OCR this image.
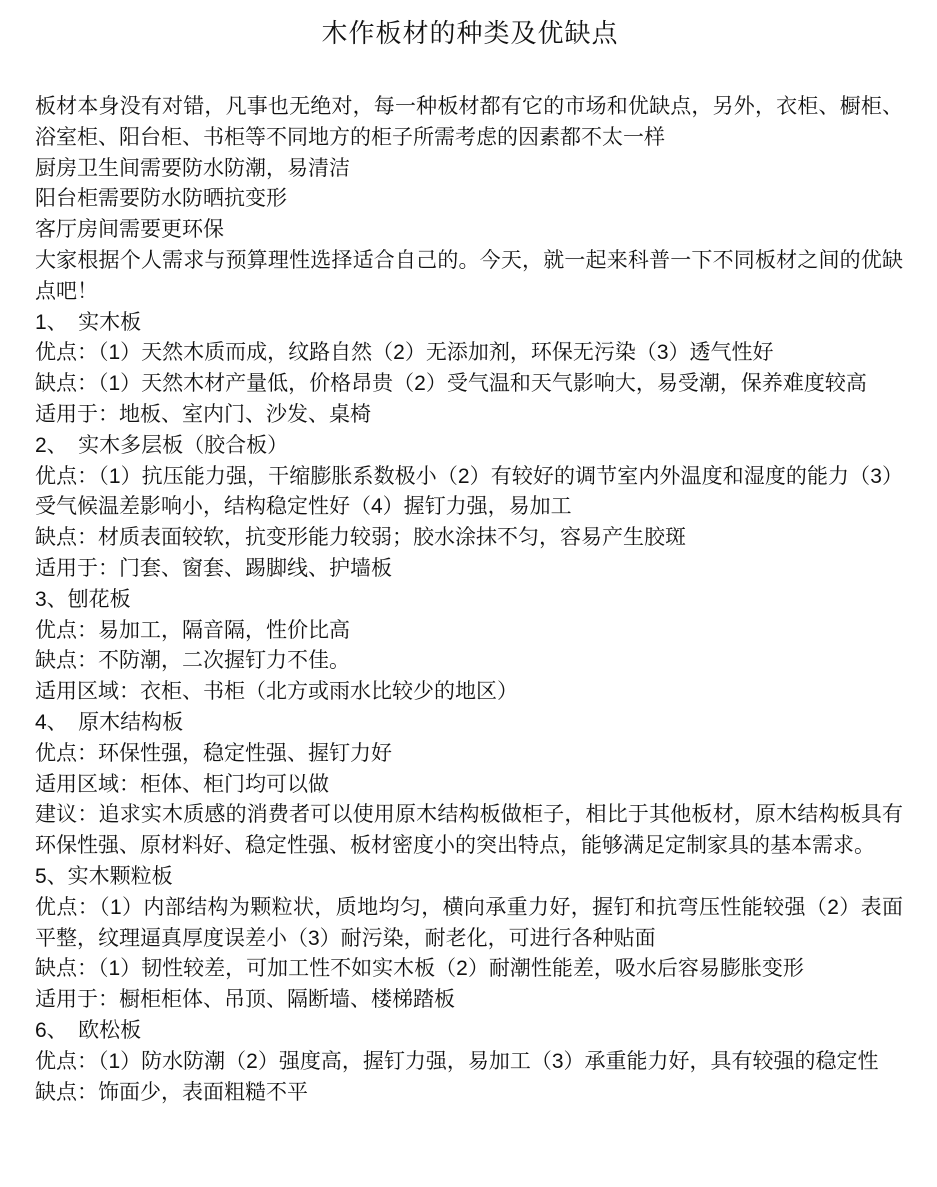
木作板材的种类及优缺点
板材本身没有对错，凡事也无绝对，每一种板材都有它的市场和优缺点，另外，衣柜、橱柜、浴室柜、阳台柜、书柜等不同地方的柜子所需考虑的因素都不太一样
厨房卫生间需要防水防潮，易清洁
阳台柜需要防水防晒抗变形
客厅房间需要更环保
大家根据个人需求与预算理性选择适合自己的。今天，就一起来科普一下不同板材之间的优缺点吧！
1、　实木板
优点：（1）天然木质而成，纹路自然（2）无添加剂，环保无污染（3）透气性好
缺点：（1）天然木材产量低，价格昂贵（2）受气温和天气影响大，易受潮，保养难度较高
适用于：地板、室内门、沙发、桌椅
2、　实木多层板（胶合板）
优点：（1）抗压能力强，干缩膨胀系数极小（2）有较好的调节室内外温度和湿度的能力（3）受气候温差影响小，结构稳定性好（4）握钉力强，易加工
缺点：材质表面较软，抗变形能力较弱；胶水涂抹不匀，容易产生胶斑
适用于：门套、窗套、踢脚线、护墙板
3、刨花板
优点：易加工，隔音隔，性价比高
缺点：不防潮，二次握钉力不佳。
适用区域：衣柜、书柜（北方或雨水比较少的地区）
4、　原木结构板
优点：环保性强，稳定性强、握钉力好
适用区域：柜体、柜门均可以做
建议：追求实木质感的消费者可以使用原木结构板做柜子，相比于其他板材，原木结构板具有环保性强、原材料好、稳定性强、板材密度小的突出特点，能够满足定制家具的基本需求。
5、实木颗粒板
优点：（1）内部结构为颗粒状，质地均匀，横向承重力好，握钉和抗弯压性能较强（2）表面平整，纹理逼真厚度误差小（3）耐污染，耐老化，可进行各种贴面
缺点：（1）韧性较差，可加工性不如实木板（2）耐潮性能差，吸水后容易膨胀变形
适用于：橱柜柜体、吊顶、隔断墙、楼梯踏板
6、　欧松板
优点：（1）防水防潮（2）强度高，握钉力强，易加工（3）承重能力好，具有较强的稳定性
缺点：饰面少，表面粗糙不平
